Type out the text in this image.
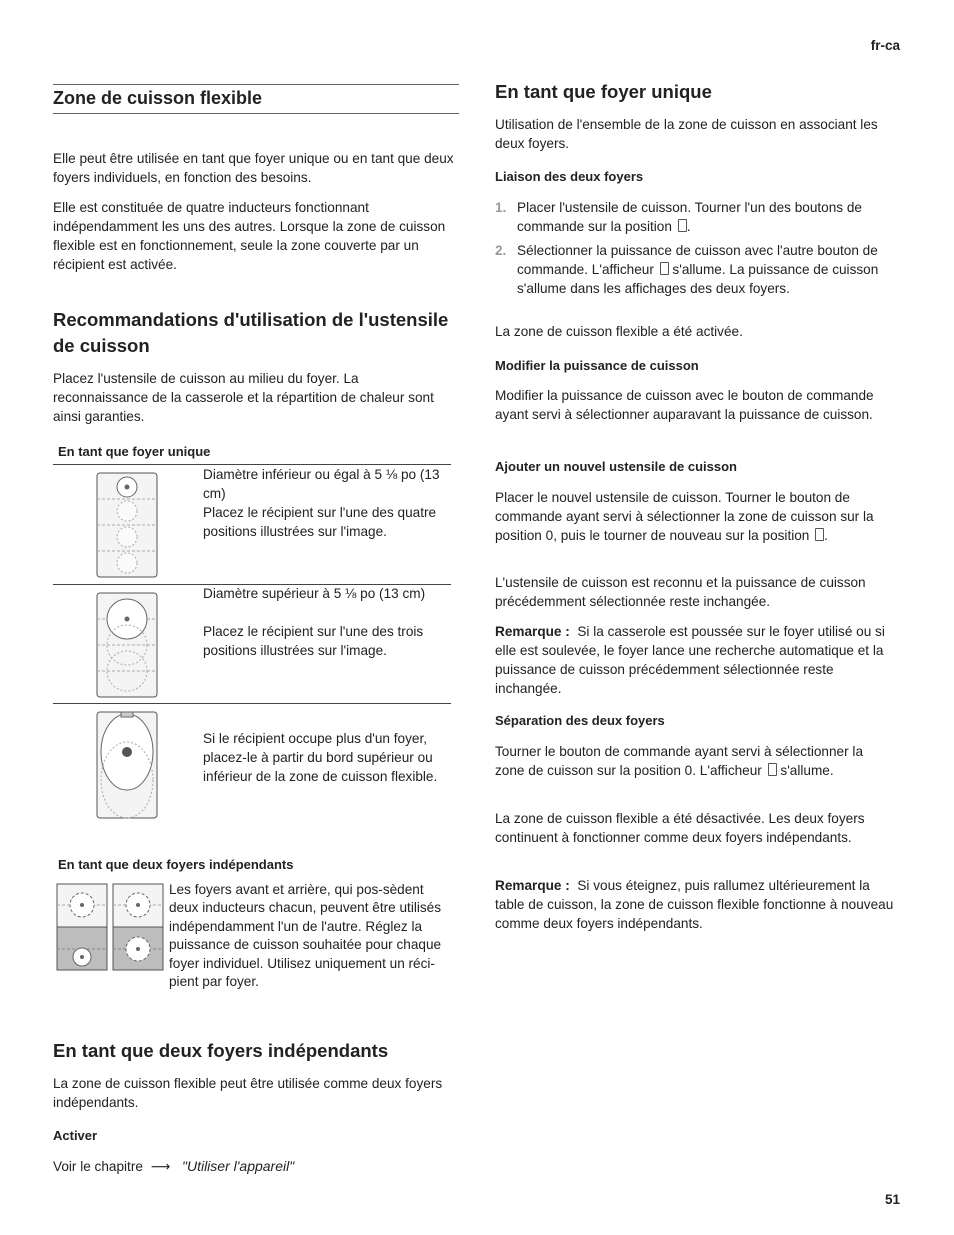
fr-ca
51
Zone de cuisson flexible

Elle peut être utilisée en tant que foyer unique ou en tant que deux foyers individuels, en fonction des besoins.

Elle est constituée de quatre inducteurs fonctionnant indépendamment les uns des autres. Lorsque la zone de cuisson flexible est en fonctionnement, seule la zone couverte par un récipient est activée.

Recommandations d'utilisation de l'ustensile de cuisson

Placez l'ustensile de cuisson au milieu du foyer. La reconnaissance de la casserole et la répartition de chaleur sont ainsi garanties.

En tant que foyer unique
Diamètre inférieur ou égal à 5 ⅛ po (13 cm)
Placez le récipient sur l'une des quatre positions illustrées sur l'image.
Diamètre supérieur à 5 ⅛ po (13 cm)
Placez le récipient sur l'une des trois positions illustrées sur l'image.
Si le récipient occupe plus d'un foyer, placez-le à partir du bord supérieur ou inférieur de la zone de cuisson flexible.
En tant que deux foyers indépendants
Les foyers avant et arrière, qui pos-sèdent deux inducteurs chacun, peuvent être utilisés indépendamment l'un de l'autre. Réglez la puissance de cuisson souhaitée pour chaque foyer individuel. Utilisez uniquement un réci-pient par foyer.
En tant que deux foyers indépendants

La zone de cuisson flexible peut être utilisée comme deux foyers indépendants.

Activer
Voir le chapitre ⟶ "Utiliser l'appareil"
En tant que foyer unique

Utilisation de l'ensemble de la zone de cuisson en associant les deux foyers.

Liaison des deux foyers
1. Placer l'ustensile de cuisson. Tourner l'un des boutons de commande sur la position .
2. Sélectionner la puissance de cuisson avec l'autre bouton de commande. L'afficheur s'allume. La puissance de cuisson s'allume dans les affichages des deux foyers.

La zone de cuisson flexible a été activée.

Modifier la puissance de cuisson

Modifier la puissance de cuisson avec le bouton de commande ayant servi à sélectionner auparavant la puissance de cuisson.

Ajouter un nouvel ustensile de cuisson

Placer le nouvel ustensile de cuisson. Tourner le bouton de commande ayant servi à sélectionner la zone de cuisson sur la position 0, puis le tourner de nouveau sur la position .

L'ustensile de cuisson est reconnu et la puissance de cuisson précédemment sélectionnée reste inchangée.

Remarque : Si la casserole est poussée sur le foyer utilisé ou si elle est soulevée, le foyer lance une recherche automatique et la puissance de cuisson précédemment sélectionnée reste inchangée.

Séparation des deux foyers

Tourner le bouton de commande ayant servi à sélectionner la zone de cuisson sur la position 0. L'afficheur s'allume.

La zone de cuisson flexible a été désactivée. Les deux foyers continuent à fonctionner comme deux foyers indépendants.

Remarque : Si vous éteignez, puis rallumez ultérieurement la table de cuisson, la zone de cuisson flexible fonctionne à nouveau comme deux foyers indépendants.
